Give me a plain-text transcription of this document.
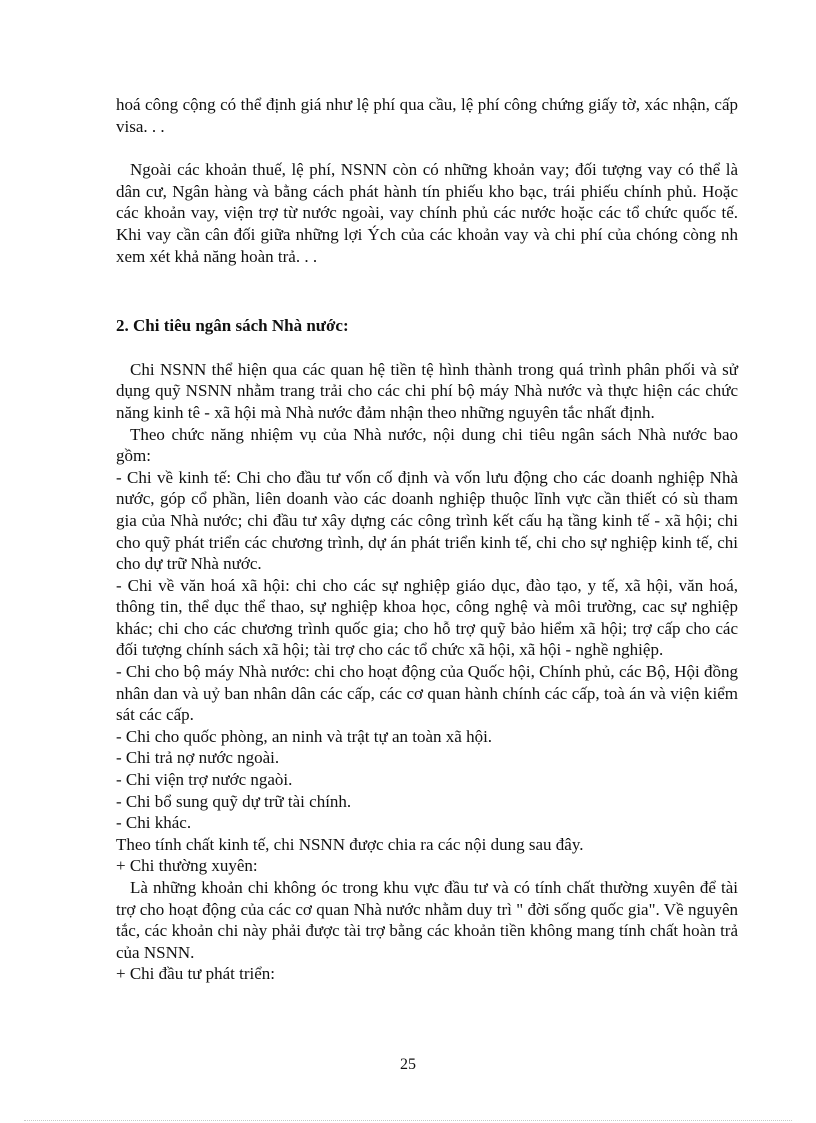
hoá công cộng có thể định giá như lệ phí qua cầu, lệ phí công chứng giấy tờ, xác nhận, cấp visa. . .

Ngoài các khoản thuế, lệ phí, NSNN còn có những khoản vay; đối tượng vay có thể là dân cư, Ngân hàng và bằng cách phát hành tín phiếu kho bạc, trái phiếu chính phủ. Hoặc các khoản vay, viện trợ từ nước ngoài, vay chính phủ các nước hoặc các tổ chức quốc tế. Khi vay cần cân đối giữa những lợi Ých của các khoản vay và chi phí của chóng còng nh xem xét khả năng hoàn trả. . .

2. Chi tiêu ngân sách Nhà nước:

Chi NSNN thể hiện qua các quan hệ tiền tệ hình thành trong quá trình phân phối và sử dụng quỹ NSNN nhằm trang trải cho các chi phí bộ máy Nhà nước và thực hiện các chức năng kinh tê - xã hội mà Nhà nước đảm nhận theo những nguyên tắc nhất định.

Theo chức năng nhiệm vụ của Nhà nước, nội dung chi tiêu ngân sách Nhà nước bao gồm:

- Chi về kinh tế: Chi cho đầu tư vốn cố định và vốn lưu động cho các doanh nghiệp Nhà nước, góp cổ phần, liên doanh vào các doanh nghiệp thuộc lĩnh vực cần thiết có sù tham gia của Nhà nước; chi đầu tư xây dựng các công trình kết cấu hạ tầng kinh tế - xã hội; chi cho quỹ phát triển các chương trình, dự án phát triển kinh tế, chi cho sự nghiệp kinh tế, chi cho dự trữ Nhà nước.

- Chi về văn hoá xã hội: chi cho các sự nghiệp giáo dục, đào tạo, y tế, xã hội, văn hoá, thông tin, thể dục thể thao, sự nghiệp khoa học, công nghệ và môi trường, cac sự nghiệp khác; chi cho các chương trình quốc gia; cho hỗ trợ quỹ bảo hiểm xã hội; trợ cấp cho các đối tượng chính sách xã hội; tài trợ cho các tổ chức xã hội, xã hội - nghề nghiệp.

- Chi cho bộ máy Nhà nước: chi cho hoạt động của Quốc hội, Chính phủ, các Bộ, Hội đồng nhân dan và uỷ ban nhân dân các cấp, các cơ quan hành chính các cấp, toà án và viện kiểm sát các cấp.

- Chi cho quốc phòng, an ninh và trật tự an toàn xã hội.

- Chi trả nợ nước ngoài.

- Chi viện trợ nước ngaòi.

- Chi bổ sung quỹ dự trữ tài chính.

- Chi khác.

Theo tính chất kinh tế, chi NSNN được chia ra các nội dung sau đây.

+ Chi thường xuyên:

Là những khoản chi không óc trong khu vực đầu tư và có tính chất thường xuyên để tài trợ cho hoạt động của các cơ quan Nhà nước nhằm duy trì " đời sống quốc gia". Về nguyên tắc, các khoản chi này phải được tài trợ bằng các khoản tiền không mang tính chất hoàn trả của NSNN.

+ Chi đầu tư phát triển:

25
